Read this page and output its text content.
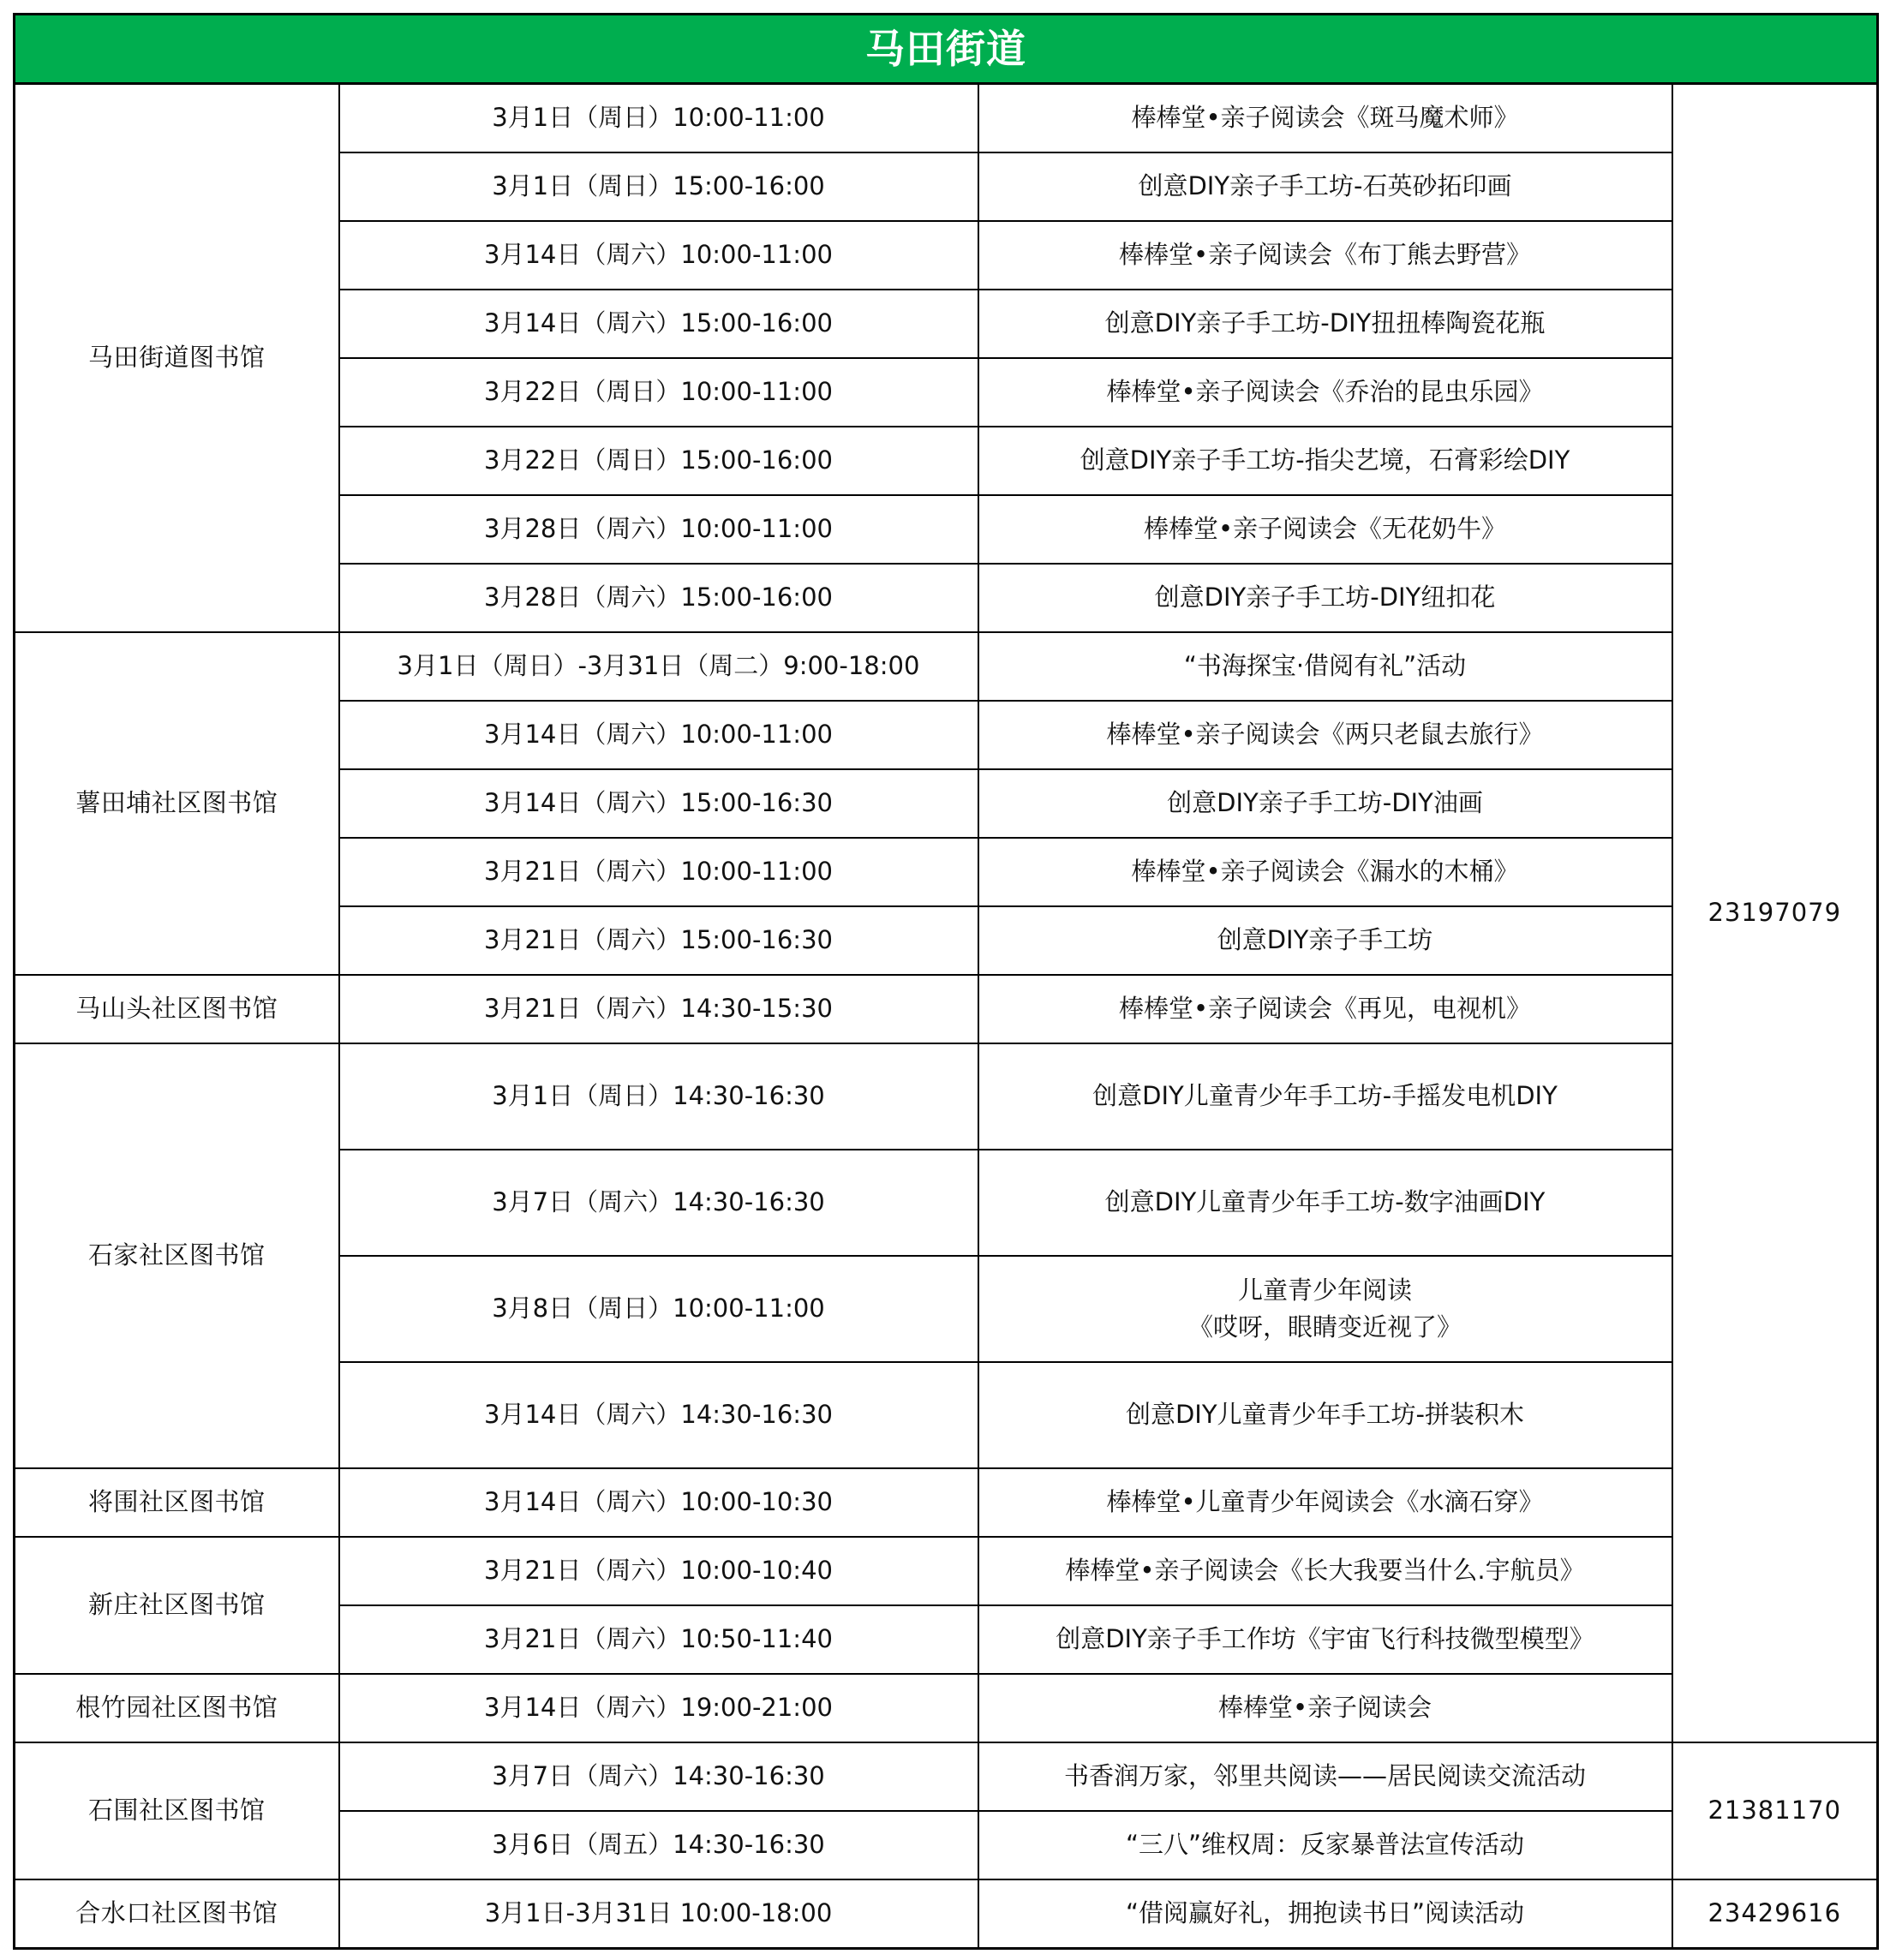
马田街道			
马田街道图书馆	3月1日（周日）10:00-11:00	棒棒堂•亲子阅读会《斑马魔术师》	23197079
	3月1日（周日）15:00-16:00	创意DIY亲子手工坊-石英砂拓印画	
	3月14日（周六）10:00-11:00	棒棒堂•亲子阅读会《布丁熊去野营》	
	3月14日（周六）15:00-16:00	创意DIY亲子手工坊-DIY扭扭棒陶瓷花瓶	
	3月22日（周日）10:00-11:00	棒棒堂•亲子阅读会《乔治的昆虫乐园》	
	3月22日（周日）15:00-16:00	创意DIY亲子手工坊-指尖艺境，石膏彩绘DIY	
	3月28日（周六）10:00-11:00	棒棒堂•亲子阅读会《无花奶牛》	
	3月28日（周六）15:00-16:00	创意DIY亲子手工坊-DIY纽扣花	
薯田埔社区图书馆	3月1日（周日）-3月31日（周二）9:00-18:00	“书海探宝·借阅有礼”活动	
	3月14日（周六）10:00-11:00	棒棒堂•亲子阅读会《两只老鼠去旅行》	
	3月14日（周六）15:00-16:30	创意DIY亲子手工坊-DIY油画	
	3月21日（周六）10:00-11:00	棒棒堂•亲子阅读会《漏水的木桶》	
	3月21日（周六）15:00-16:30	创意DIY亲子手工坊	
马山头社区图书馆	3月21日（周六）14:30-15:30	棒棒堂•亲子阅读会《再见，电视机》	
石家社区图书馆	3月1日（周日）14:30-16:30	创意DIY儿童青少年手工坊-手摇发电机DIY	
	3月7日（周六）14:30-16:30	创意DIY儿童青少年手工坊-数字油画DIY	
	3月8日（周日）10:00-11:00	儿童青少年阅读
《哎呀，眼睛变近视了》	

	3月14日（周六）14:30-16:30	创意DIY儿童青少年手工坊-拼装积木	
将围社区图书馆	3月14日（周六）10:00-10:30	棒棒堂•儿童青少年阅读会《水滴石穿》	
新庄社区图书馆	3月21日（周六）10:00-10:40	棒棒堂•亲子阅读会《长大我要当什么.宇航员》	
	3月21日（周六）10:50-11:40	创意DIY亲子手工作坊《宇宙飞行科技微型模型》	
根竹园社区图书馆	3月14日（周六）19:00-21:00	棒棒堂•亲子阅读会	
石围社区图书馆	3月7日（周六）14:30-16:30	书香润万家，邻里共阅读——居民阅读交流活动	21381170
	3月6日（周五）14:30-16:30	“三八”维权周：反家暴普法宣传活动	
合水口社区图书馆	3月1日-3月31日 10:00-18:00	“借阅赢好礼，拥抱读书日”阅读活动	23429616
